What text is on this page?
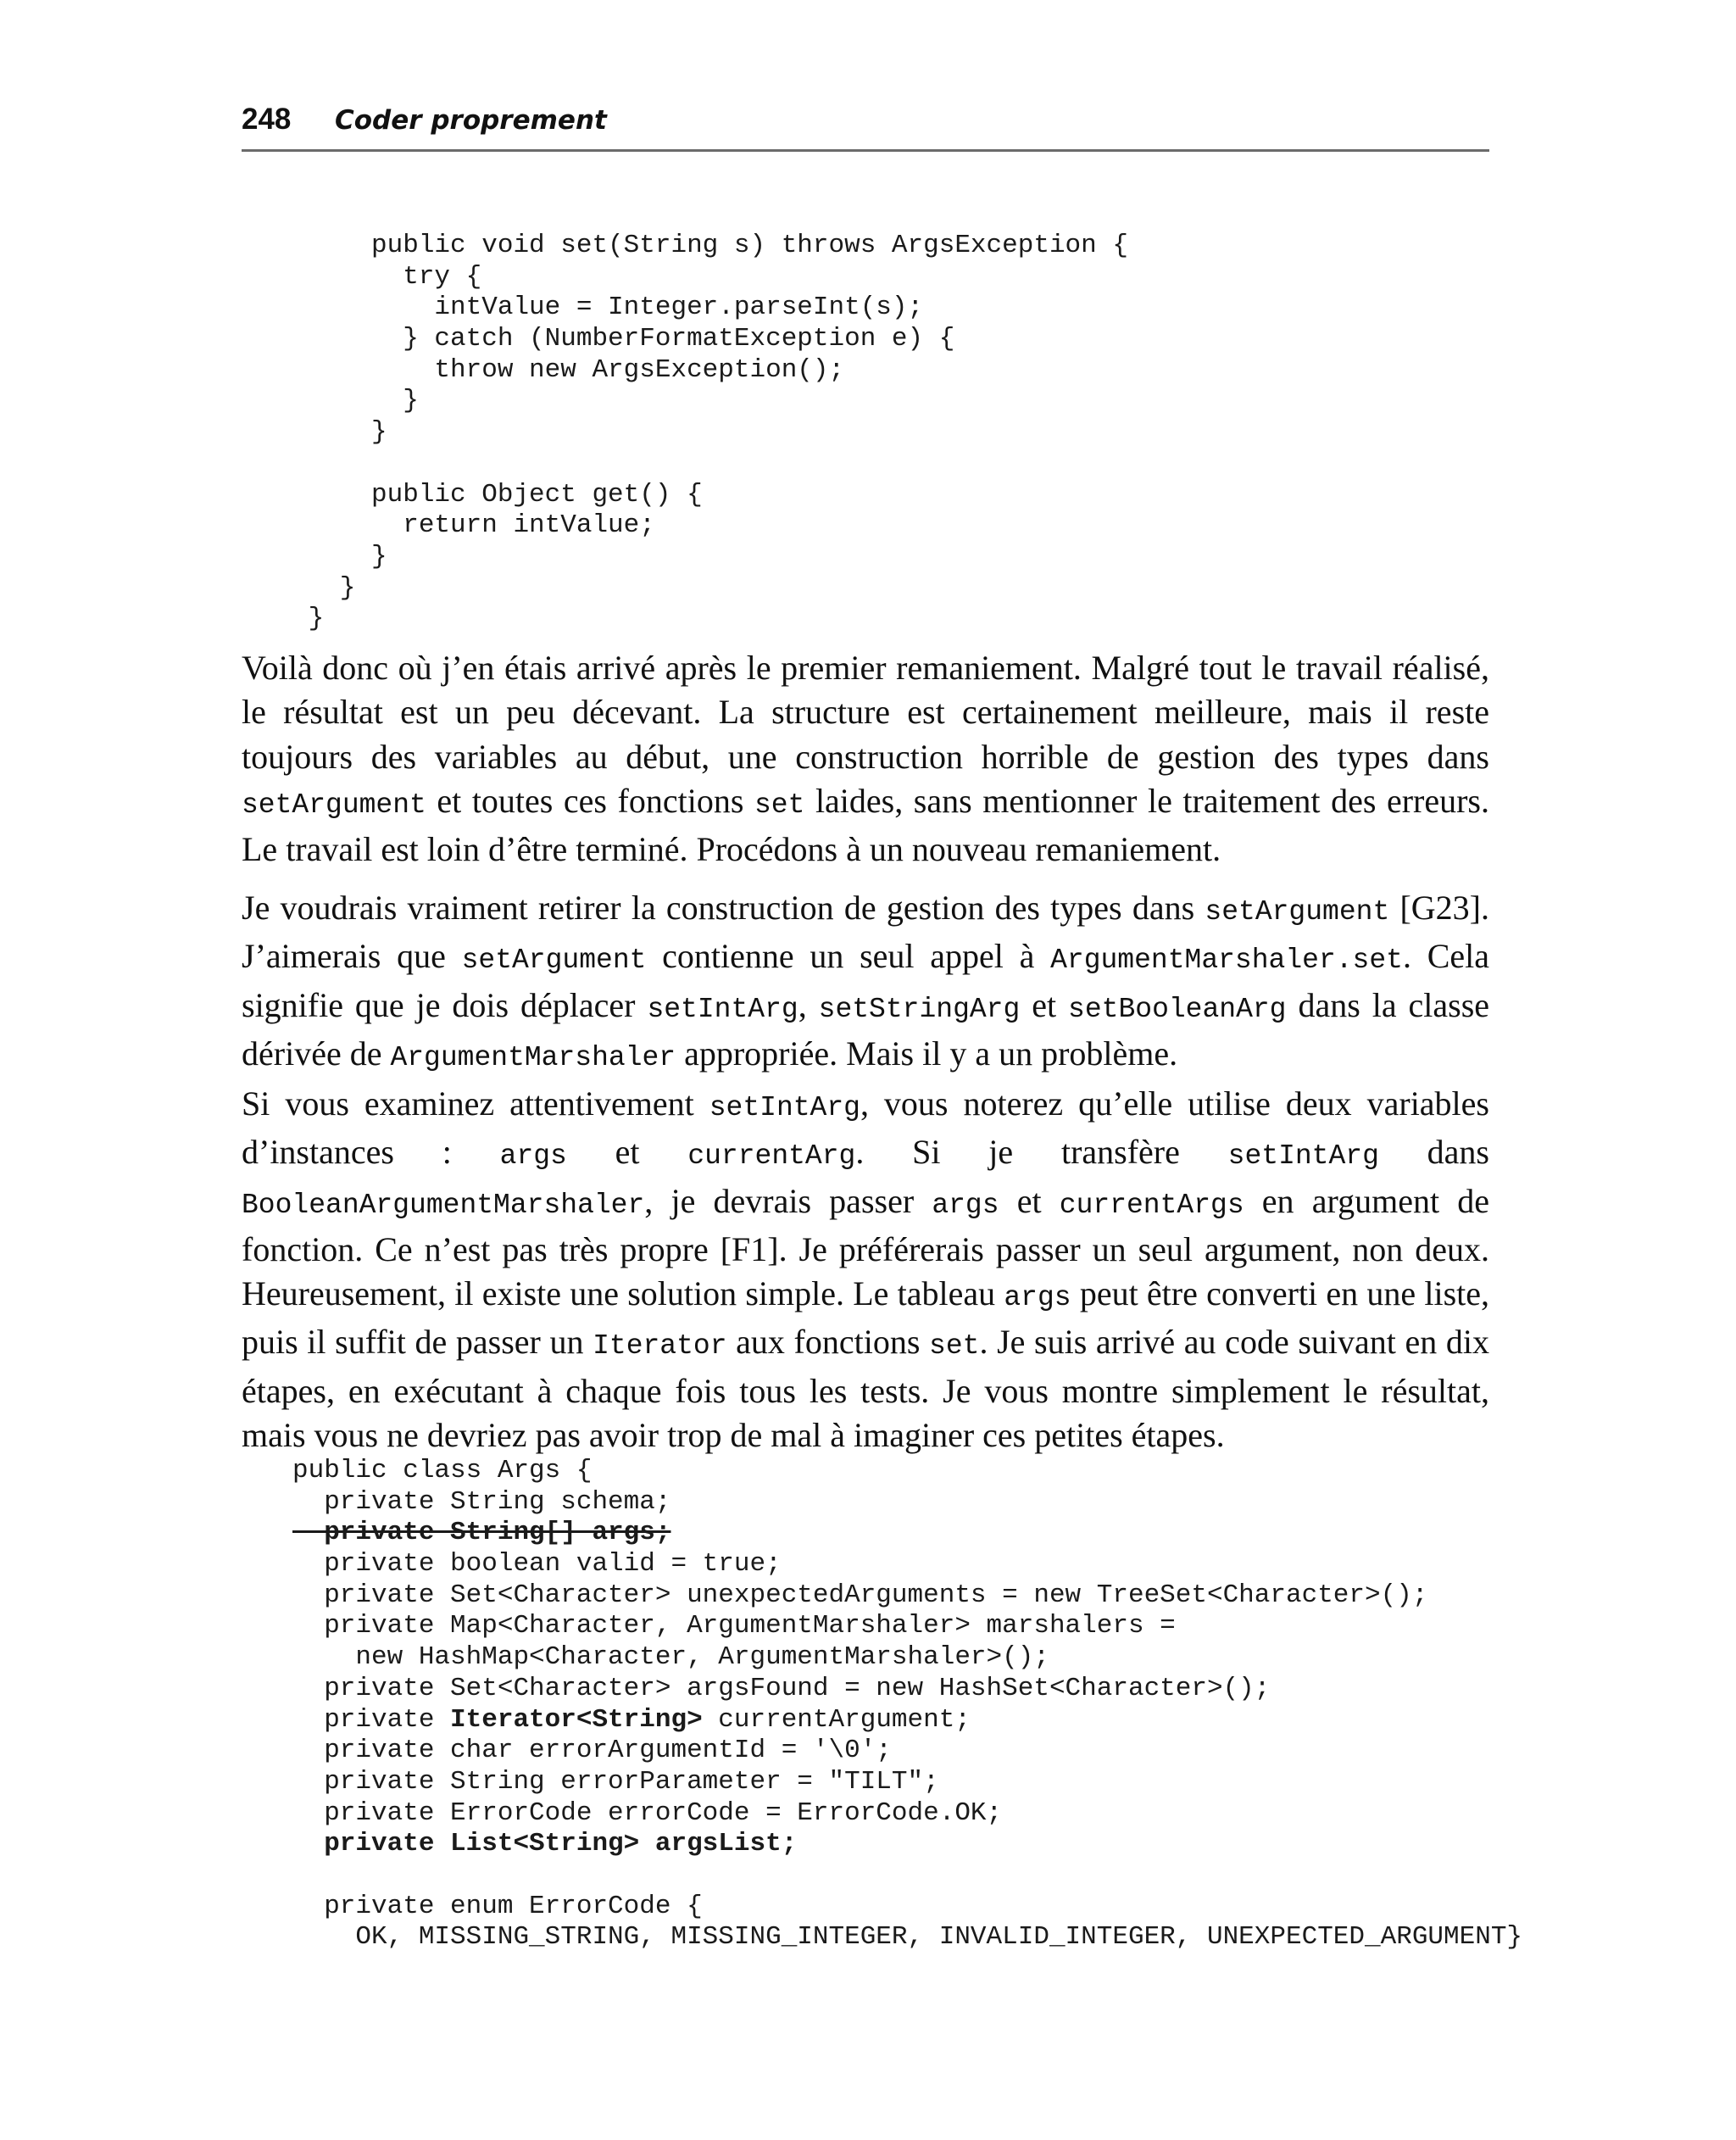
248 Coder proprement
public void set(String s) throws ArgsException {
try {
intValue = Integer.parseInt(s);
} catch (NumberFormatException e) {
throw new ArgsException();
}
}
public Object get() {
return intValue;
}
}
}

Voilà donc où j’en étais arrivé après le premier remaniement. Malgré tout le travail réalisé, le résultat est un peu décevant. La structure est certainement meilleure, mais il reste toujours des variables au début, une construction horrible de gestion des types dans setArgument et toutes ces fonctions set laides, sans mentionner le traitement des erreurs. Le travail est loin d’être terminé. Procédons à un nouveau remaniement.

Je voudrais vraiment retirer la construction de gestion des types dans setArgument [G23]. J’aimerais que setArgument contienne un seul appel à ArgumentMarshaler.set. Cela signifie que je dois déplacer setIntArg, setStringArg et setBooleanArg dans la classe dérivée de ArgumentMarshaler appropriée. Mais il y a un problème.

Si vous examinez attentivement setIntArg, vous noterez qu’elle utilise deux variables d’instances : args et currentArg. Si je transfère setIntArg dans BooleanArgumentMarshaler, je devrais passer args et currentArgs en argument de fonction. Ce n’est pas très propre [F1]. Je préférerais passer un seul argument, non deux. Heureusement, il existe une solution simple. Le tableau args peut être converti en une liste, puis il suffit de passer un Iterator aux fonctions set. Je suis arrivé au code suivant en dix étapes, en exécutant à chaque fois tous les tests. Je vous montre simplement le résultat, mais vous ne devriez pas avoir trop de mal à imaginer ces petites étapes.

public class Args {
private String schema;
private String[] args;
private boolean valid = true;
private Set<Character> unexpectedArguments = new TreeSet<Character>();
private Map<Character, ArgumentMarshaler> marshalers =
new HashMap<Character, ArgumentMarshaler>();
private Set<Character> argsFound = new HashSet<Character>();
private Iterator<String> currentArgument;
private char errorArgumentId = '\0';
private String errorParameter = "TILT";
private ErrorCode errorCode = ErrorCode.OK;
private List<String> argsList;
private enum ErrorCode {
OK, MISSING_STRING, MISSING_INTEGER, INVALID_INTEGER, UNEXPECTED_ARGUMENT}
